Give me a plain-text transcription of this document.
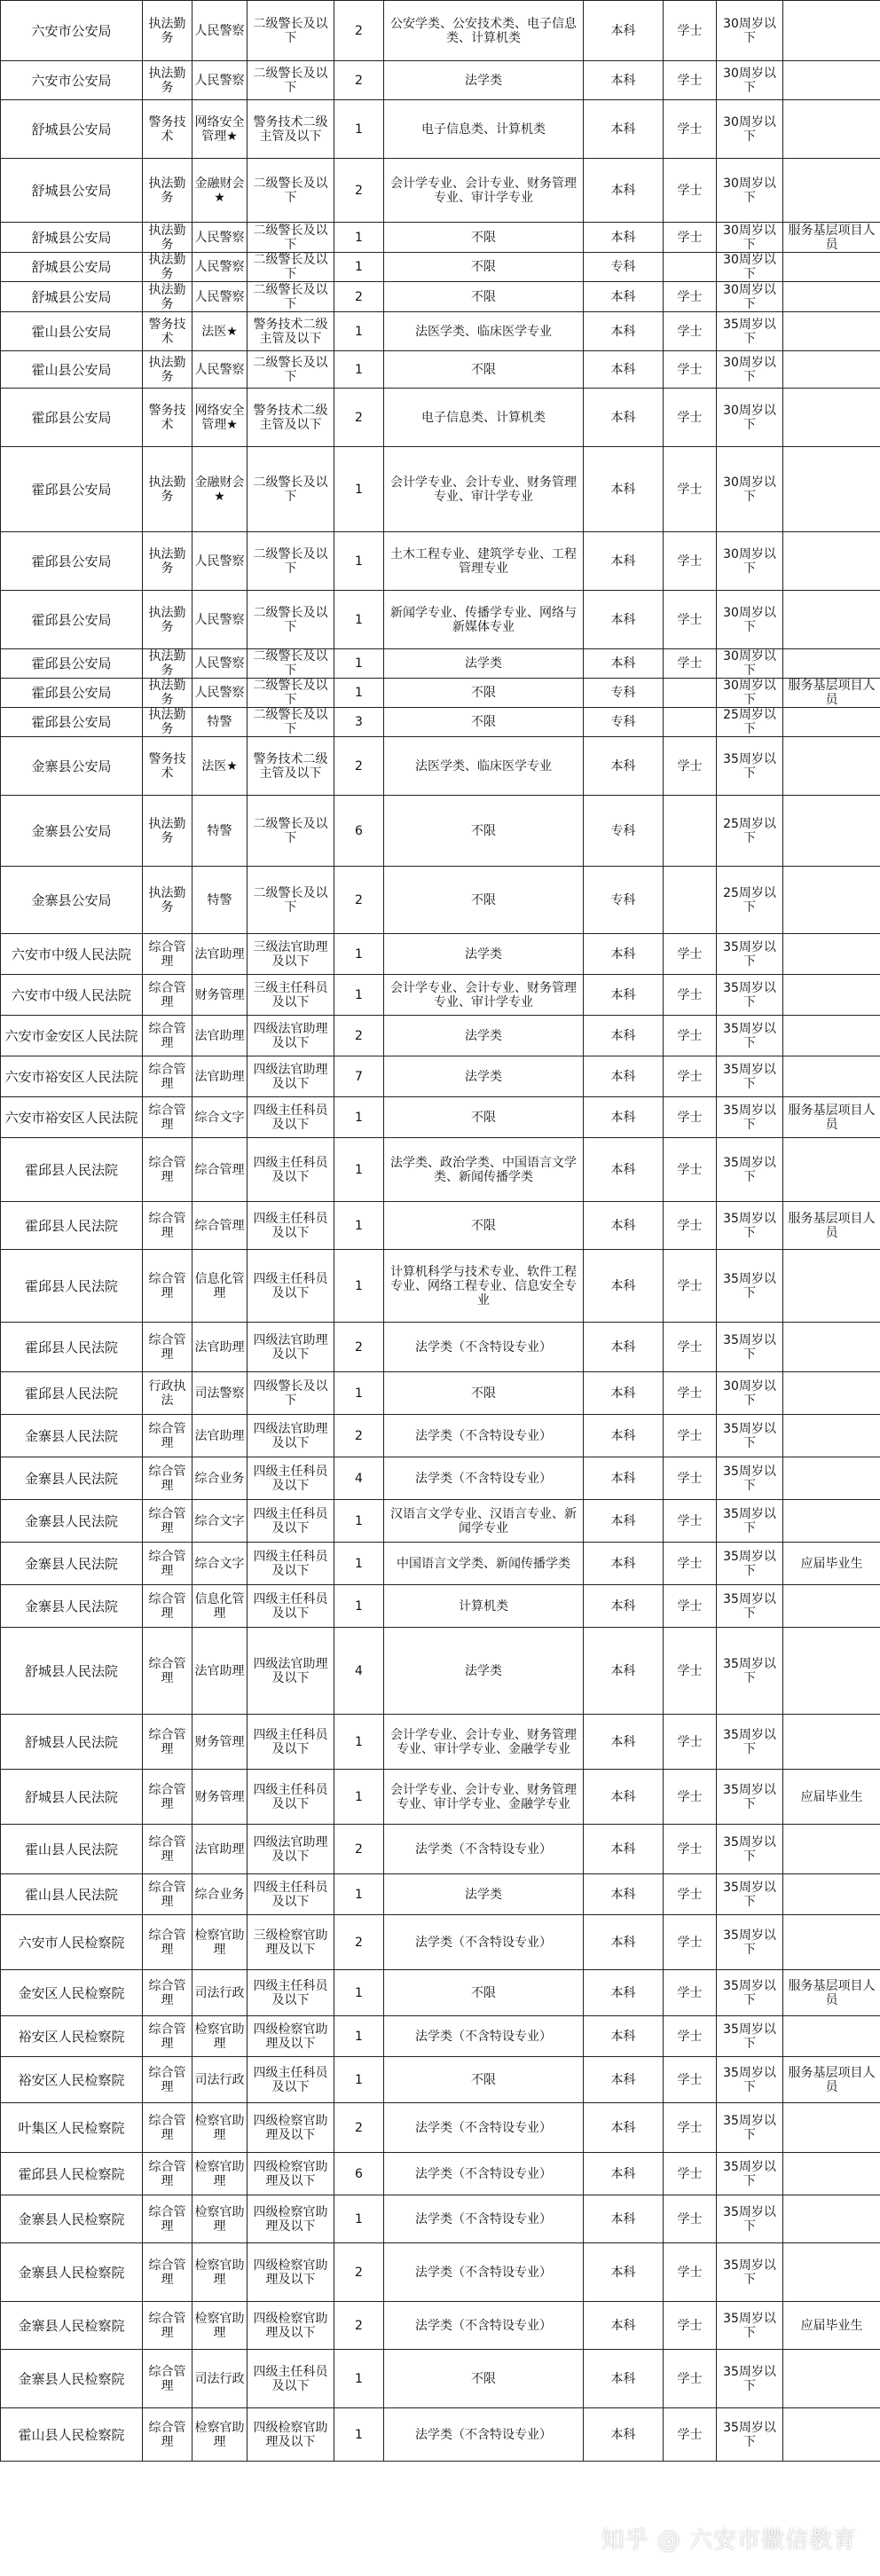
六安市公安局	执法勤务	人民警察	二级警长及以下	2	公安学类、公安技术类、电子信息类、计算机类	本科	学士	30周岁以下	
六安市公安局	执法勤务	人民警察	二级警长及以下	2	法学类	本科	学士	30周岁以下	
舒城县公安局	警务技术	网络安全管理★	警务技术二级主管及以下	1	电子信息类、计算机类	本科	学士	30周岁以下	
舒城县公安局	执法勤务	金融财会★	二级警长及以下	2	会计学专业、会计专业、财务管理专业、审计学专业	本科	学士	30周岁以下	
舒城县公安局	执法勤务	人民警察	二级警长及以下	1	不限	本科	学士	30周岁以下	服务基层项目人员
舒城县公安局	执法勤务	人民警察	二级警长及以下	1	不限	专科		30周岁以下	
舒城县公安局	执法勤务	人民警察	二级警长及以下	2	不限	本科	学士	30周岁以下	
霍山县公安局	警务技术	法医★	警务技术二级主管及以下	1	法医学类、临床医学专业	本科	学士	35周岁以下	
霍山县公安局	执法勤务	人民警察	二级警长及以下	1	不限	本科	学士	30周岁以下	
霍邱县公安局	警务技术	网络安全管理★	警务技术二级主管及以下	2	电子信息类、计算机类	本科	学士	30周岁以下	
霍邱县公安局	执法勤务	金融财会★	二级警长及以下	1	会计学专业、会计专业、财务管理专业、审计学专业	本科	学士	30周岁以下	
霍邱县公安局	执法勤务	人民警察	二级警长及以下	1	土木工程专业、建筑学专业、工程管理专业	本科	学士	30周岁以下	
霍邱县公安局	执法勤务	人民警察	二级警长及以下	1	新闻学专业、传播学专业、网络与新媒体专业	本科	学士	30周岁以下	
霍邱县公安局	执法勤务	人民警察	二级警长及以下	1	法学类	本科	学士	30周岁以下	
霍邱县公安局	执法勤务	人民警察	二级警长及以下	1	不限	专科		30周岁以下	服务基层项目人员
霍邱县公安局	执法勤务	特警	二级警长及以下	3	不限	专科		25周岁以下	
金寨县公安局	警务技术	法医★	警务技术二级主管及以下	2	法医学类、临床医学专业	本科	学士	35周岁以下	
金寨县公安局	执法勤务	特警	二级警长及以下	6	不限	专科		25周岁以下	
金寨县公安局	执法勤务	特警	二级警长及以下	2	不限	专科		25周岁以下	
六安市中级人民法院	综合管理	法官助理	三级法官助理及以下	1	法学类	本科	学士	35周岁以下	
六安市中级人民法院	综合管理	财务管理	三级主任科员及以下	1	会计学专业、会计专业、财务管理专业、审计学专业	本科	学士	35周岁以下	
六安市金安区人民法院	综合管理	法官助理	四级法官助理及以下	2	法学类	本科	学士	35周岁以下	
六安市裕安区人民法院	综合管理	法官助理	四级法官助理及以下	7	法学类	本科	学士	35周岁以下	
六安市裕安区人民法院	综合管理	综合文字	四级主任科员及以下	1	不限	本科	学士	35周岁以下	服务基层项目人员
霍邱县人民法院	综合管理	综合管理	四级主任科员及以下	1	法学类、政治学类、中国语言文学类、新闻传播学类	本科	学士	35周岁以下	
霍邱县人民法院	综合管理	综合管理	四级主任科员及以下	1	不限	本科	学士	35周岁以下	服务基层项目人员
霍邱县人民法院	综合管理	信息化管理	四级主任科员及以下	1	计算机科学与技术专业、软件工程专业、网络工程专业、信息安全专业	本科	学士	35周岁以下	
霍邱县人民法院	综合管理	法官助理	四级法官助理及以下	2	法学类（不含特设专业）	本科	学士	35周岁以下	
霍邱县人民法院	行政执法	司法警察	四级警长及以下	1	不限	本科	学士	30周岁以下	
金寨县人民法院	综合管理	法官助理	四级法官助理及以下	2	法学类（不含特设专业）	本科	学士	35周岁以下	
金寨县人民法院	综合管理	综合业务	四级主任科员及以下	4	法学类（不含特设专业）	本科	学士	35周岁以下	
金寨县人民法院	综合管理	综合文字	四级主任科员及以下	1	汉语言文学专业、汉语言专业、新闻学专业	本科	学士	35周岁以下	
金寨县人民法院	综合管理	综合文字	四级主任科员及以下	1	中国语言文学类、新闻传播学类	本科	学士	35周岁以下	应届毕业生
金寨县人民法院	综合管理	信息化管理	四级主任科员及以下	1	计算机类	本科	学士	35周岁以下	
舒城县人民法院	综合管理	法官助理	四级法官助理及以下	4	法学类	本科	学士	35周岁以下	
舒城县人民法院	综合管理	财务管理	四级主任科员及以下	1	会计学专业、会计专业、财务管理专业、审计学专业、金融学专业	本科	学士	35周岁以下	
舒城县人民法院	综合管理	财务管理	四级主任科员及以下	1	会计学专业、会计专业、财务管理专业、审计学专业、金融学专业	本科	学士	35周岁以下	应届毕业生
霍山县人民法院	综合管理	法官助理	四级法官助理及以下	2	法学类（不含特设专业）	本科	学士	35周岁以下	
霍山县人民法院	综合管理	综合业务	四级主任科员及以下	1	法学类	本科	学士	35周岁以下	
六安市人民检察院	综合管理	检察官助理	三级检察官助理及以下	2	法学类（不含特设专业）	本科	学士	35周岁以下	
金安区人民检察院	综合管理	司法行政	四级主任科员及以下	1	不限	本科	学士	35周岁以下	服务基层项目人员
裕安区人民检察院	综合管理	检察官助理	四级检察官助理及以下	1	法学类（不含特设专业）	本科	学士	35周岁以下	
裕安区人民检察院	综合管理	司法行政	四级主任科员及以下	1	不限	本科	学士	35周岁以下	服务基层项目人员
叶集区人民检察院	综合管理	检察官助理	四级检察官助理及以下	2	法学类（不含特设专业）	本科	学士	35周岁以下	
霍邱县人民检察院	综合管理	检察官助理	四级检察官助理及以下	6	法学类（不含特设专业）	本科	学士	35周岁以下	
金寨县人民检察院	综合管理	检察官助理	四级检察官助理及以下	1	法学类（不含特设专业）	本科	学士	35周岁以下	
金寨县人民检察院	综合管理	检察官助理	四级检察官助理及以下	2	法学类（不含特设专业）	本科	学士	35周岁以下	
金寨县人民检察院	综合管理	检察官助理	四级检察官助理及以下	2	法学类（不含特设专业）	本科	学士	35周岁以下	应届毕业生
金寨县人民检察院	综合管理	司法行政	四级主任科员及以下	1	不限	本科	学士	35周岁以下	
霍山县人民检察院	综合管理	检察官助理	四级检察官助理及以下	1	法学类（不含特设专业）	本科	学士	35周岁以下	
知乎 @ 六安市徽信教育
